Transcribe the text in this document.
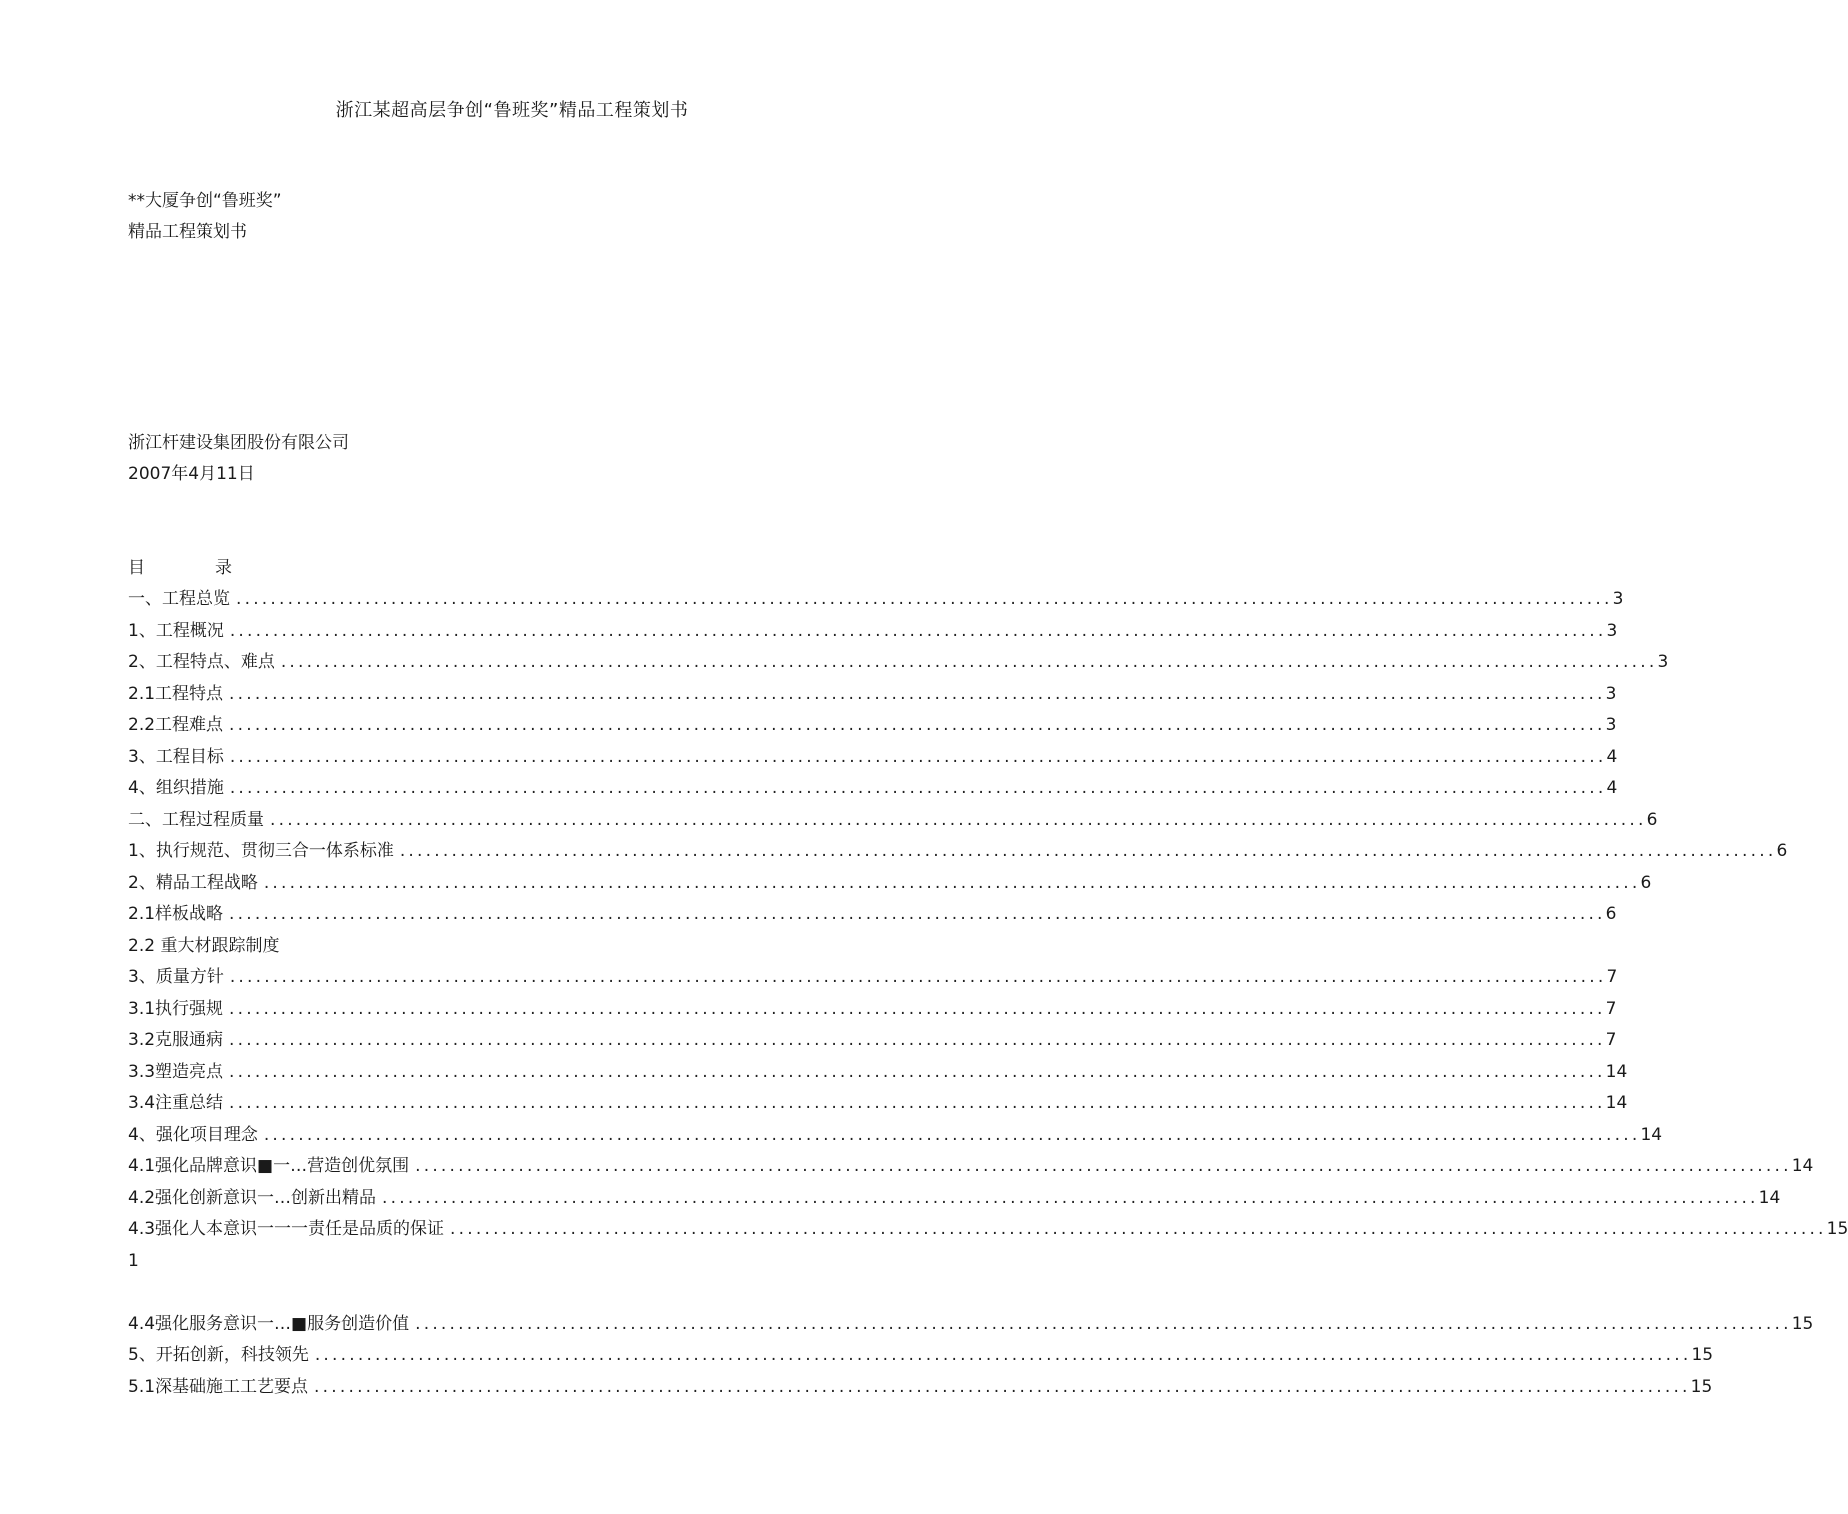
浙江某超高层争创“鲁班奖”精品工程策划书
**大厦争创“鲁班奖”
精品工程策划书
浙江杆建设集团股份有限公司
2007年4月11日
目	录
一、工程总览 ................................................................................................................................................................ 3
1、工程概况 ................................................................................................................................................................ 3
2、工程特点、难点 ................................................................................................................................................................ 3
2.1工程特点 ................................................................................................................................................................ 3
2.2工程难点 ................................................................................................................................................................ 3
3、工程目标 ................................................................................................................................................................ 4
4、组织措施 ................................................................................................................................................................ 4
二、工程过程质量 ................................................................................................................................................................ 6
1、执行规范、贯彻三合一体系标准 ................................................................................................................................................................ 6
2、精品工程战略 ................................................................................................................................................................ 6
2.1样板战略 ................................................................................................................................................................ 6
2.2 重大材跟踪制度
3、质量方针 ................................................................................................................................................................ 7
3.1执行强规 ................................................................................................................................................................ 7
3.2克服通病 ................................................................................................................................................................ 7
3.3塑造亮点 ................................................................................................................................................................ 14
3.4注重总结 ................................................................................................................................................................ 14
4、强化项目理念 ................................................................................................................................................................ 14
4.1强化品牌意识■一…营造创优氛围 ................................................................................................................................................................ 14
4.2强化创新意识一…创新出精品 ................................................................................................................................................................ 14
4.3强化人本意识一一一责任是品质的保证 ................................................................................................................................................................ 15
1
4.4强化服务意识一…■服务创造价值 ................................................................................................................................................................ 15
5、开拓创新，科技领先 ................................................................................................................................................................ 15
5.1深基础施工工艺要点 ................................................................................................................................................................ 15
